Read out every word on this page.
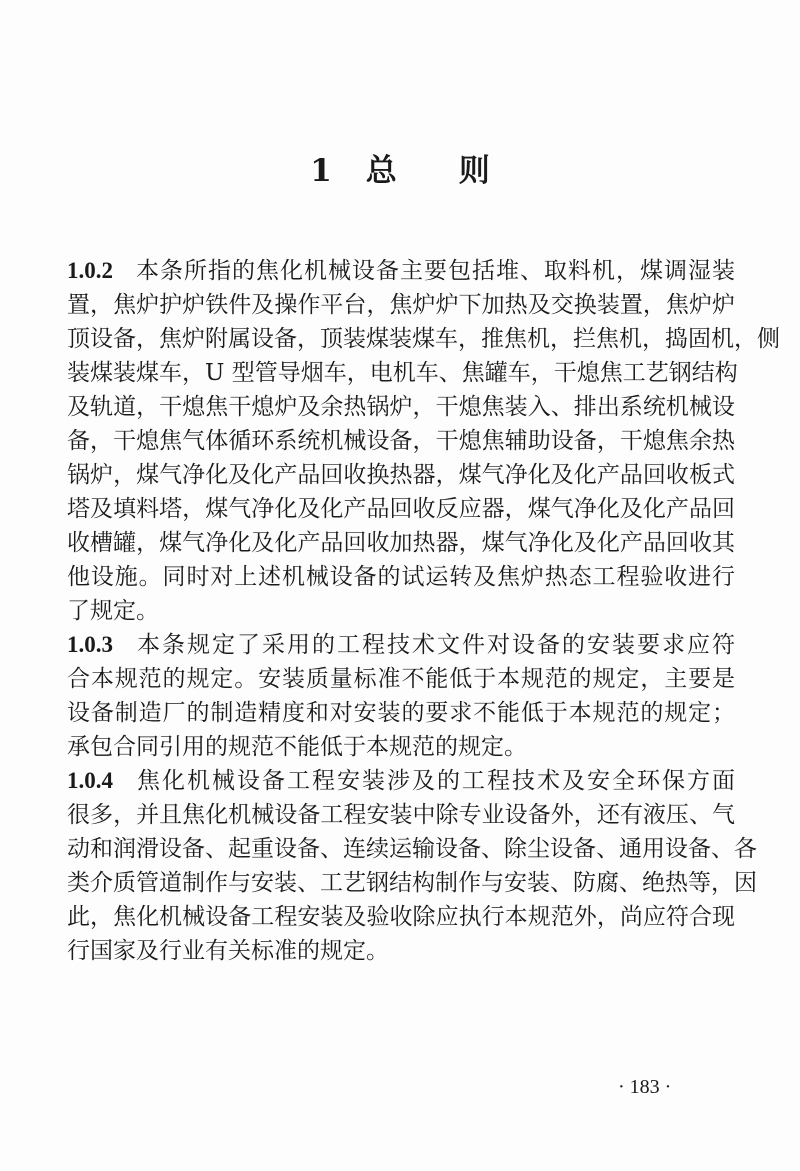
1 总 则
1.0.2 本条所指的焦化机械设备主要包括堆、取料机，煤调湿装
置，焦炉护炉铁件及操作平台，焦炉炉下加热及交换装置，焦炉炉
顶设备，焦炉附属设备，顶装煤装煤车，推焦机，拦焦机，捣固机，侧
装煤装煤车，U 型管导烟车，电机车、焦罐车，干熄焦工艺钢结构
及轨道，干熄焦干熄炉及余热锅炉，干熄焦装入、排出系统机械设
备，干熄焦气体循环系统机械设备，干熄焦辅助设备，干熄焦余热
锅炉，煤气净化及化产品回收换热器，煤气净化及化产品回收板式
塔及填料塔，煤气净化及化产品回收反应器，煤气净化及化产品回
收槽罐，煤气净化及化产品回收加热器，煤气净化及化产品回收其
他设施。同时对上述机械设备的试运转及焦炉热态工程验收进行
了规定。
1.0.3 本条规定了采用的工程技术文件对设备的安装要求应符
合本规范的规定。安装质量标准不能低于本规范的规定，主要是
设备制造厂的制造精度和对安装的要求不能低于本规范的规定；
承包合同引用的规范不能低于本规范的规定。
1.0.4 焦化机械设备工程安装涉及的工程技术及安全环保方面
很多，并且焦化机械设备工程安装中除专业设备外，还有液压、气
动和润滑设备、起重设备、连续运输设备、除尘设备、通用设备、各
类介质管道制作与安装、工艺钢结构制作与安装、防腐、绝热等，因
此，焦化机械设备工程安装及验收除应执行本规范外，尚应符合现
行国家及行业有关标准的规定。
· 183 ·
